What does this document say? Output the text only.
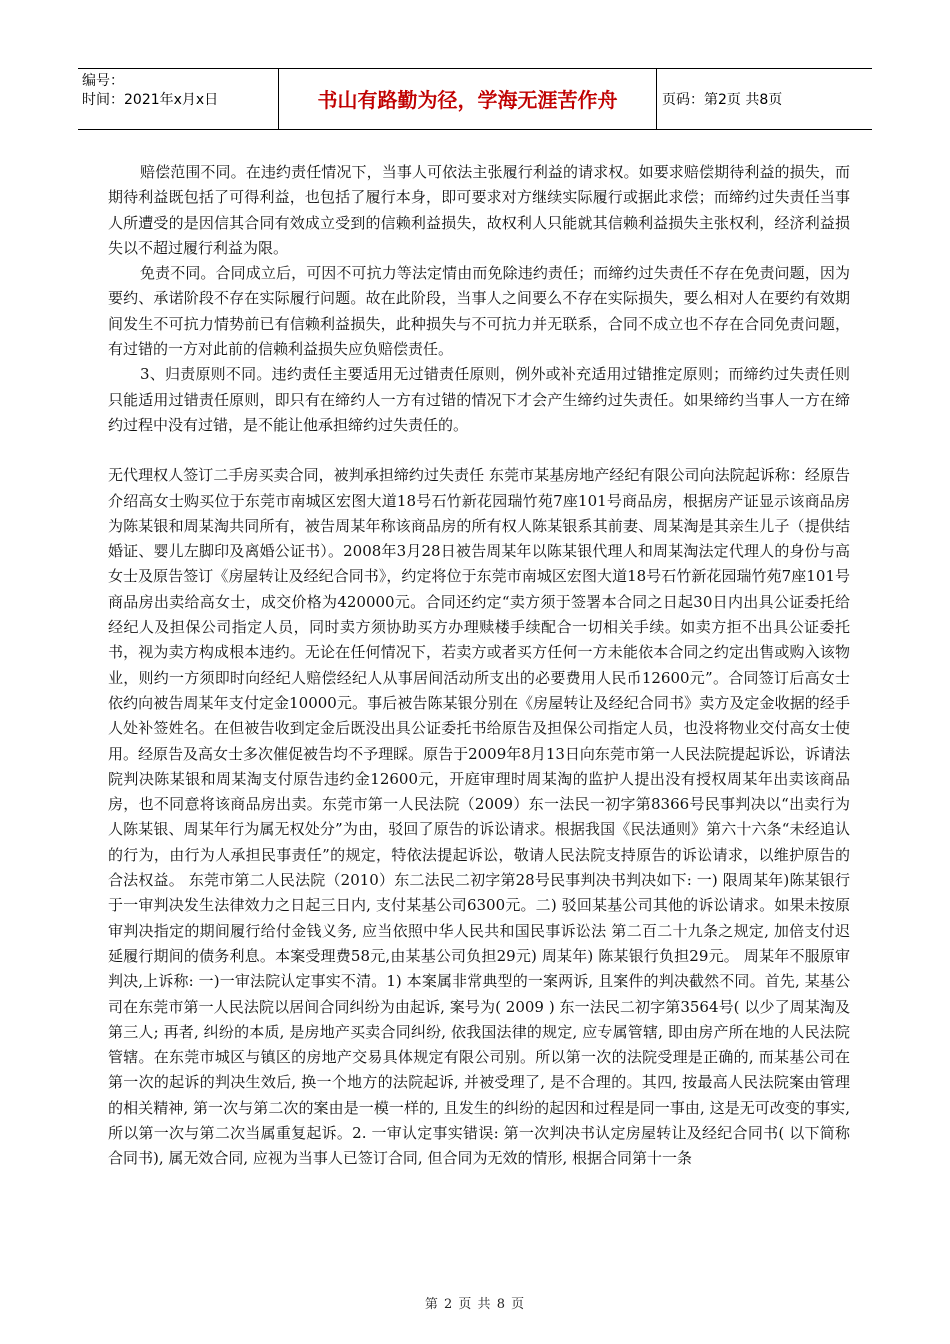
编号：
时间：2021年x月x日	书山有路勤为径，学海无涯苦作舟	页码：第2页 共8页

赔偿范围不同。在违约责任情况下，当事人可依法主张履行利益的请求权。如要求赔偿期待利益的损失，而期待利益既包括了可得利益，也包括了履行本身，即可要求对方继续实际履行或据此求偿；而缔约过失责任当事人所遭受的是因信其合同有效成立受到的信赖利益损失，故权利人只能就其信赖利益损失主张权利，经济利益损失以不超过履行利益为限。

免责不同。合同成立后，可因不可抗力等法定情由而免除违约责任；而缔约过失责任不存在免责问题，因为要约、承诺阶段不存在实际履行问题。故在此阶段，当事人之间要么不存在实际损失，要么相对人在要约有效期间发生不可抗力情势前已有信赖利益损失，此种损失与不可抗力并无联系，合同不成立也不存在合同免责问题，有过错的一方对此前的信赖利益损失应负赔偿责任。

3、归责原则不同。违约责任主要适用无过错责任原则，例外或补充适用过错推定原则；而缔约过失责任则只能适用过错责任原则，即只有在缔约人一方有过错的情况下才会产生缔约过失责任。如果缔约当事人一方在缔约过程中没有过错，是不能让他承担缔约过失责任的。

无代理权人签订二手房买卖合同，被判承担缔约过失责任 东莞市某基房地产经纪有限公司向法院起诉称：经原告介绍高女士购买位于东莞市南城区宏图大道18号石竹新花园瑞竹苑7座101号商品房，根据房产证显示该商品房为陈某银和周某淘共同所有，被告周某年称该商品房的所有权人陈某银系其前妻、周某淘是其亲生儿子（提供结婚证、婴儿左脚印及离婚公证书）。2008年3月28日被告周某年以陈某银代理人和周某淘法定代理人的身份与高女士及原告签订《房屋转让及经纪合同书》，约定将位于东莞市南城区宏图大道18号石竹新花园瑞竹苑7座101号商品房出卖给高女士，成交价格为420000元。合同还约定“卖方须于签署本合同之日起30日内出具公证委托给经纪人及担保公司指定人员，同时卖方须协助买方办理赎楼手续配合一切相关手续。如卖方拒不出具公证委托书，视为卖方构成根本违约。无论在任何情况下，若卖方或者买方任何一方未能依本合同之约定出售或购入该物业，则约一方须即时向经纪人赔偿经纪人从事居间活动所支出的必要费用人民币12600元”。合同签订后高女士依约向被告周某年支付定金10000元。事后被告陈某银分别在《房屋转让及经纪合同书》卖方及定金收据的经手人处补签姓名。在但被告收到定金后既没出具公证委托书给原告及担保公司指定人员，也没将物业交付高女士使用。经原告及高女士多次催促被告均不予理睬。原告于2009年8月13日向东莞市第一人民法院提起诉讼，诉请法院判决陈某银和周某淘支付原告违约金12600元，开庭审理时周某淘的监护人提出没有授权周某年出卖该商品房，也不同意将该商品房出卖。东莞市第一人民法院（2009）东一法民一初字第8366号民事判决以“出卖行为人陈某银、周某年行为属无权处分”为由，驳回了原告的诉讼请求。根据我国《民法通则》第六十六条“未经追认的行为，由行为人承担民事责任”的规定，特依法提起诉讼，敬请人民法院支持原告的诉讼请求，以维护原告的合法权益。 东莞市第二人民法院（2010）东二法民二初字第28号民事判决书判决如下: 一) 限周某年)陈某银行于一审判决发生法律效力之日起三日内, 支付某基公司6300元。二) 驳回某基公司其他的诉讼请求。如果未按原审判决指定的期间履行给付金钱义务, 应当依照中华人民共和国民事诉讼法 第二百二十九条之规定, 加倍支付迟延履行期间的债务利息。本案受理费58元,由某基公司负担29元) 周某年) 陈某银行负担29元。 周某年不服原审判决,上诉称: 一)一审法院认定事实不清。1) 本案属非常典型的一案两诉, 且案件的判决截然不同。首先, 某基公司在东莞市第一人民法院以居间合同纠纷为由起诉, 案号为( 2009 ) 东一法民二初字第3564号( 以少了周某淘及第三人; 再者, 纠纷的本质, 是房地产买卖合同纠纷, 依我国法律的规定, 应专属管辖, 即由房产所在地的人民法院管辖。在东莞市城区与镇区的房地产交易具体规定有限公司别。所以第一次的法院受理是正确的, 而某基公司在第一次的起诉的判决生效后, 换一个地方的法院起诉, 并被受理了, 是不合理的。其四, 按最高人民法院案由管理的相关精神, 第一次与第二次的案由是一模一样的, 且发生的纠纷的起因和过程是同一事由, 这是无可改变的事实, 所以第一次与第二次当属重复起诉。2. 一审认定事实错误: 第一次判决书认定房屋转让及经纪合同书( 以下简称合同书), 属无效合同, 应视为当事人已签订合同, 但合同为无效的情形, 根据合同第十一条

第 2 页 共 8 页
